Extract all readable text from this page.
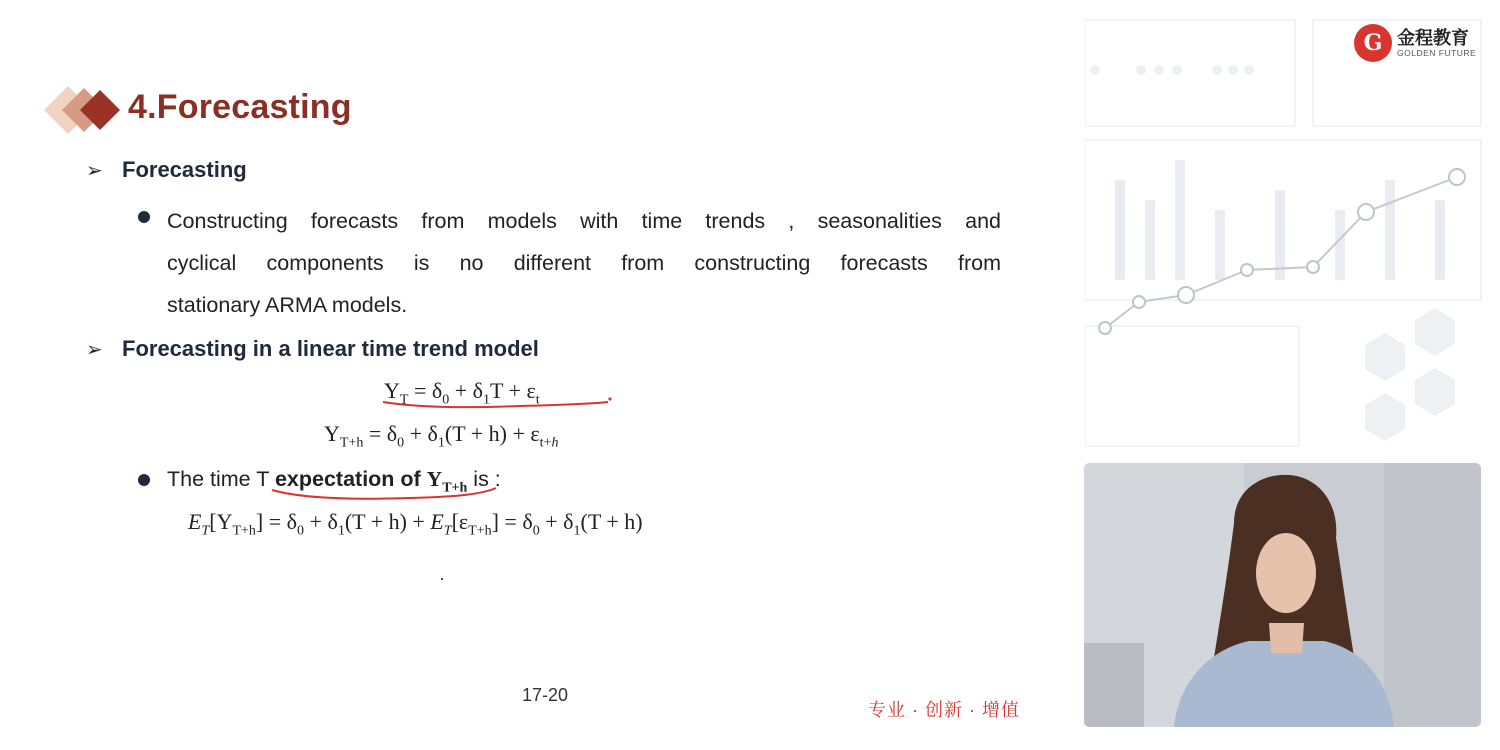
4.Forecasting
➢ Forecasting
Constructing forecasts from models with time trends , seasonalities and
cyclical components is no different from constructing forecasts from
stationary ARMA models.
➢ Forecasting in a linear time trend model
$Y_T = \delta_0 + \delta_1T + \varepsilon_t$
$Y_{T+h} = \delta_0 + \delta_1(T + h) + \varepsilon_{t+h}$
The time T expectation of $Y_{T+h}$ is :
$E_T[Y_{T+h}] = \delta_0 + \delta_1(T + h) + E_T[\varepsilon_{T+h}] = \delta_0 + \delta_1(T + h)$
17-20
专业 · 创新 · 增值
G 金程教育
GOLDEN FUTURE
